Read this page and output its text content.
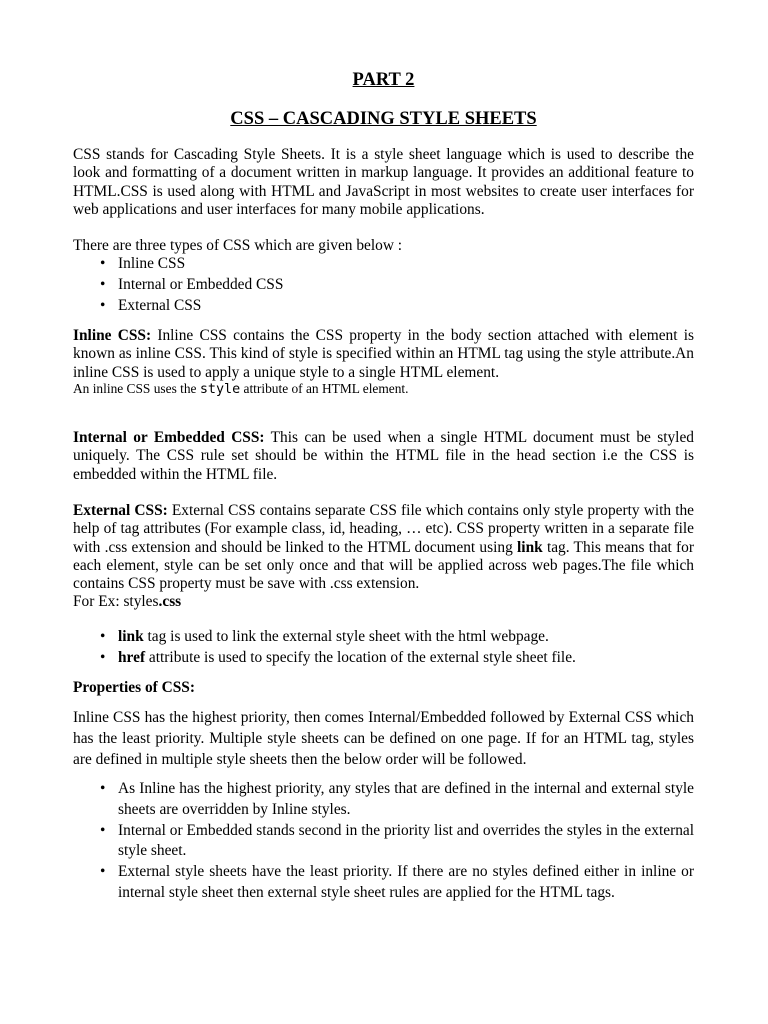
PART 2
CSS – CASCADING STYLE SHEETS

CSS stands for Cascading Style Sheets. It is a style sheet language which is used to describe the look and formatting of a document written in markup language. It provides an additional feature to HTML.CSS is used along with HTML and JavaScript in most websites to create user interfaces for web applications and user interfaces for many mobile applications.

There are three types of CSS which are given below :

• Inline CSS
• Internal or Embedded CSS
• External CSS

Inline CSS: Inline CSS contains the CSS property in the body section attached with element is known as inline CSS. This kind of style is specified within an HTML tag using the style attribute.An inline CSS is used to apply a unique style to a single HTML element.

An inline CSS uses the style attribute of an HTML element.

Internal or Embedded CSS: This can be used when a single HTML document must be styled uniquely. The CSS rule set should be within the HTML file in the head section i.e the CSS is embedded within the HTML file.

External CSS: External CSS contains separate CSS file which contains only style property with the help of tag attributes (For example class, id, heading, … etc). CSS property written in a separate file with .css extension and should be linked to the HTML document using link tag. This means that for each element, style can be set only once and that will be applied across web pages.The file which contains CSS property must be save with .css extension.

For Ex: styles.css

• link tag is used to link the external style sheet with the html webpage.
• href attribute is used to specify the location of the external style sheet file.

Properties of CSS:

Inline CSS has the highest priority, then comes Internal/Embedded followed by External CSS which has the least priority. Multiple style sheets can be defined on one page. If for an HTML tag, styles are defined in multiple style sheets then the below order will be followed.

• As Inline has the highest priority, any styles that are defined in the internal and external style sheets are overridden by Inline styles.
• Internal or Embedded stands second in the priority list and overrides the styles in the external style sheet.
• External style sheets have the least priority. If there are no styles defined either in inline or internal style sheet then external style sheet rules are applied for the HTML tags.
